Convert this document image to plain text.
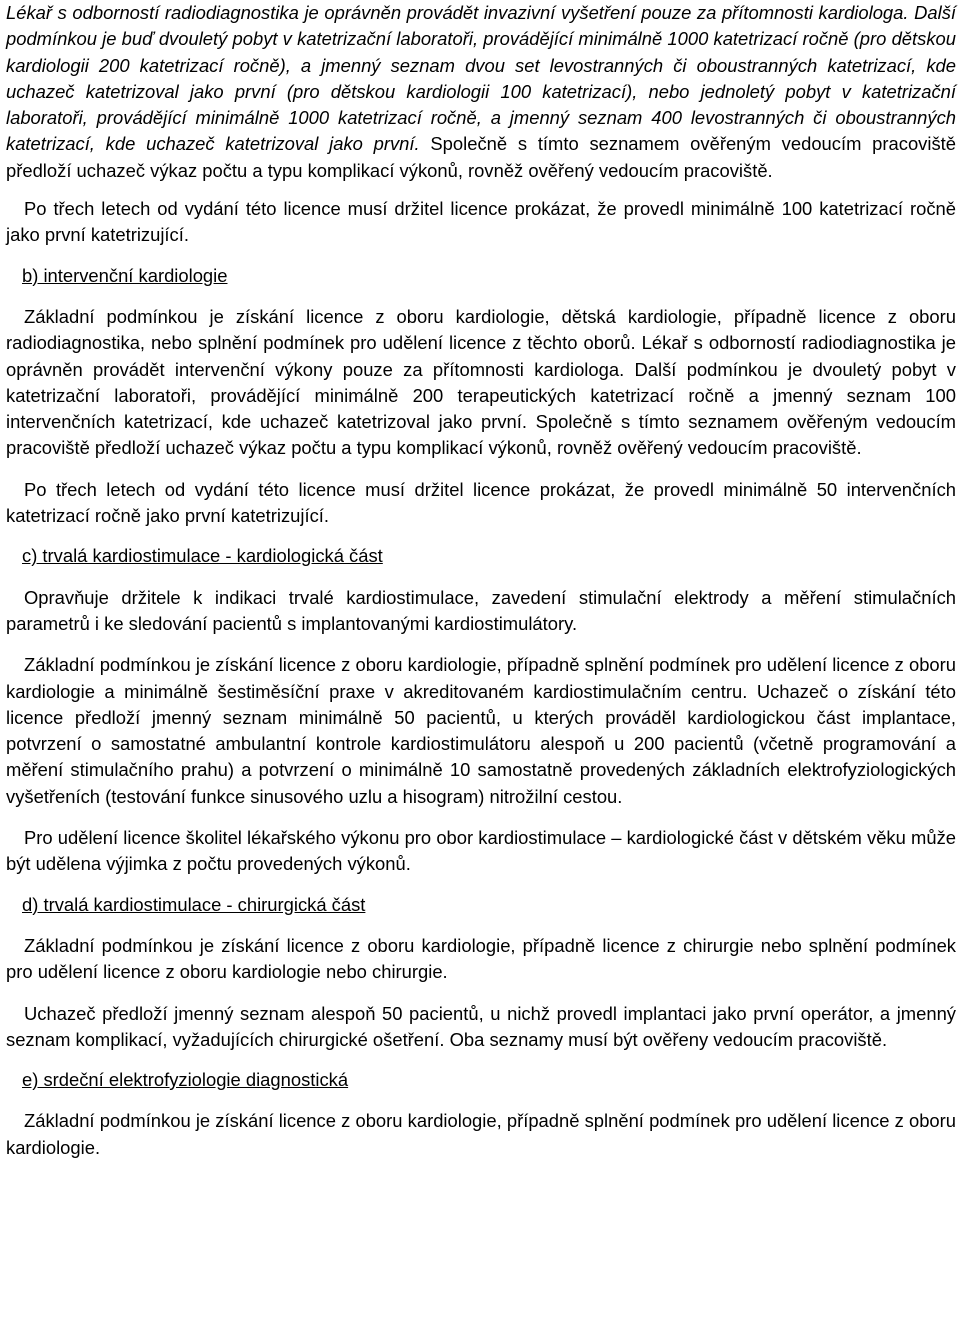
Lékař s odborností radiodiagnostika je oprávněn provádět invazivní vyšetření pouze za přítomnosti kardiologa. Další podmínkou je buď dvouletý pobyt v katetrizační laboratoři, provádějící minimálně 1000 katetrizací ročně (pro dětskou kardiologii 200 katetrizací ročně), a jmenný seznam dvou set levostranných či oboustranných katetrizací, kde uchazeč katetrizoval jako první (pro dětskou kardiologii 100 katetrizací), nebo jednoletý pobyt v katetrizační laboratoři, provádějící minimálně 1000 katetrizací ročně, a jmenný seznam 400 levostranných či oboustranných katetrizací, kde uchazeč katetrizoval jako první. Společně s tímto seznamem ověřeným vedoucím pracoviště předloží uchazeč výkaz počtu a typu komplikací výkonů, rovněž ověřený vedoucím pracoviště.

Po třech letech od vydání této licence musí držitel licence prokázat, že provedl minimálně 100 katetrizací ročně jako první katetrizující.

b) intervenční kardiologie

Základní podmínkou je získání licence z oboru kardiologie, dětská kardiologie, případně licence z oboru radiodiagnostika, nebo splnění podmínek pro udělení licence z těchto oborů. Lékař s odborností radiodiagnostika je oprávněn provádět intervenční výkony pouze za přítomnosti kardiologa. Další podmínkou je dvouletý pobyt v katetrizační laboratoři, provádějící minimálně 200 terapeutických katetrizací ročně a jmenný seznam 100 intervenčních katetrizací, kde uchazeč katetrizoval jako první. Společně s tímto seznamem ověřeným vedoucím pracoviště předloží uchazeč výkaz počtu a typu komplikací výkonů, rovněž ověřený vedoucím pracoviště.

Po třech letech od vydání této licence musí držitel licence prokázat, že provedl minimálně 50 intervenčních katetrizací ročně jako první katetrizující.

c) trvalá kardiostimulace - kardiologická část

Opravňuje držitele k indikaci trvalé kardiostimulace, zavedení stimulační elektrody a měření stimulačních parametrů i ke sledování pacientů s implantovanými kardiostimulátory.

Základní podmínkou je získání licence z oboru kardiologie, případně splnění podmínek pro udělení licence z oboru kardiologie a minimálně šestiměsíční praxe v akreditovaném kardiostimulačním centru. Uchazeč o získání této licence předloží jmenný seznam minimálně 50 pacientů, u kterých prováděl kardiologickou část implantace, potvrzení o samostatné ambulantní kontrole kardiostimulátoru alespoň u 200 pacientů (včetně programování a měření stimulačního prahu) a potvrzení o minimálně 10 samostatně provedených základních elektrofyziologických vyšetřeních (testování funkce sinusového uzlu a hisogram) nitrožilní cestou.

Pro udělení licence školitel lékařského výkonu pro obor kardiostimulace – kardiologické část v dětském věku může být udělena výjimka z počtu provedených výkonů.

d) trvalá kardiostimulace - chirurgická část

Základní podmínkou je získání licence z oboru kardiologie, případně licence z chirurgie nebo splnění podmínek pro udělení licence z oboru kardiologie nebo chirurgie.

Uchazeč předloží jmenný seznam alespoň 50 pacientů, u nichž provedl implantaci jako první operátor, a jmenný seznam komplikací, vyžadujících chirurgické ošetření. Oba seznamy musí být ověřeny vedoucím pracoviště.

e) srdeční elektrofyziologie diagnostická

Základní podmínkou je získání licence z oboru kardiologie, případně splnění podmínek pro udělení licence z oboru kardiologie.
